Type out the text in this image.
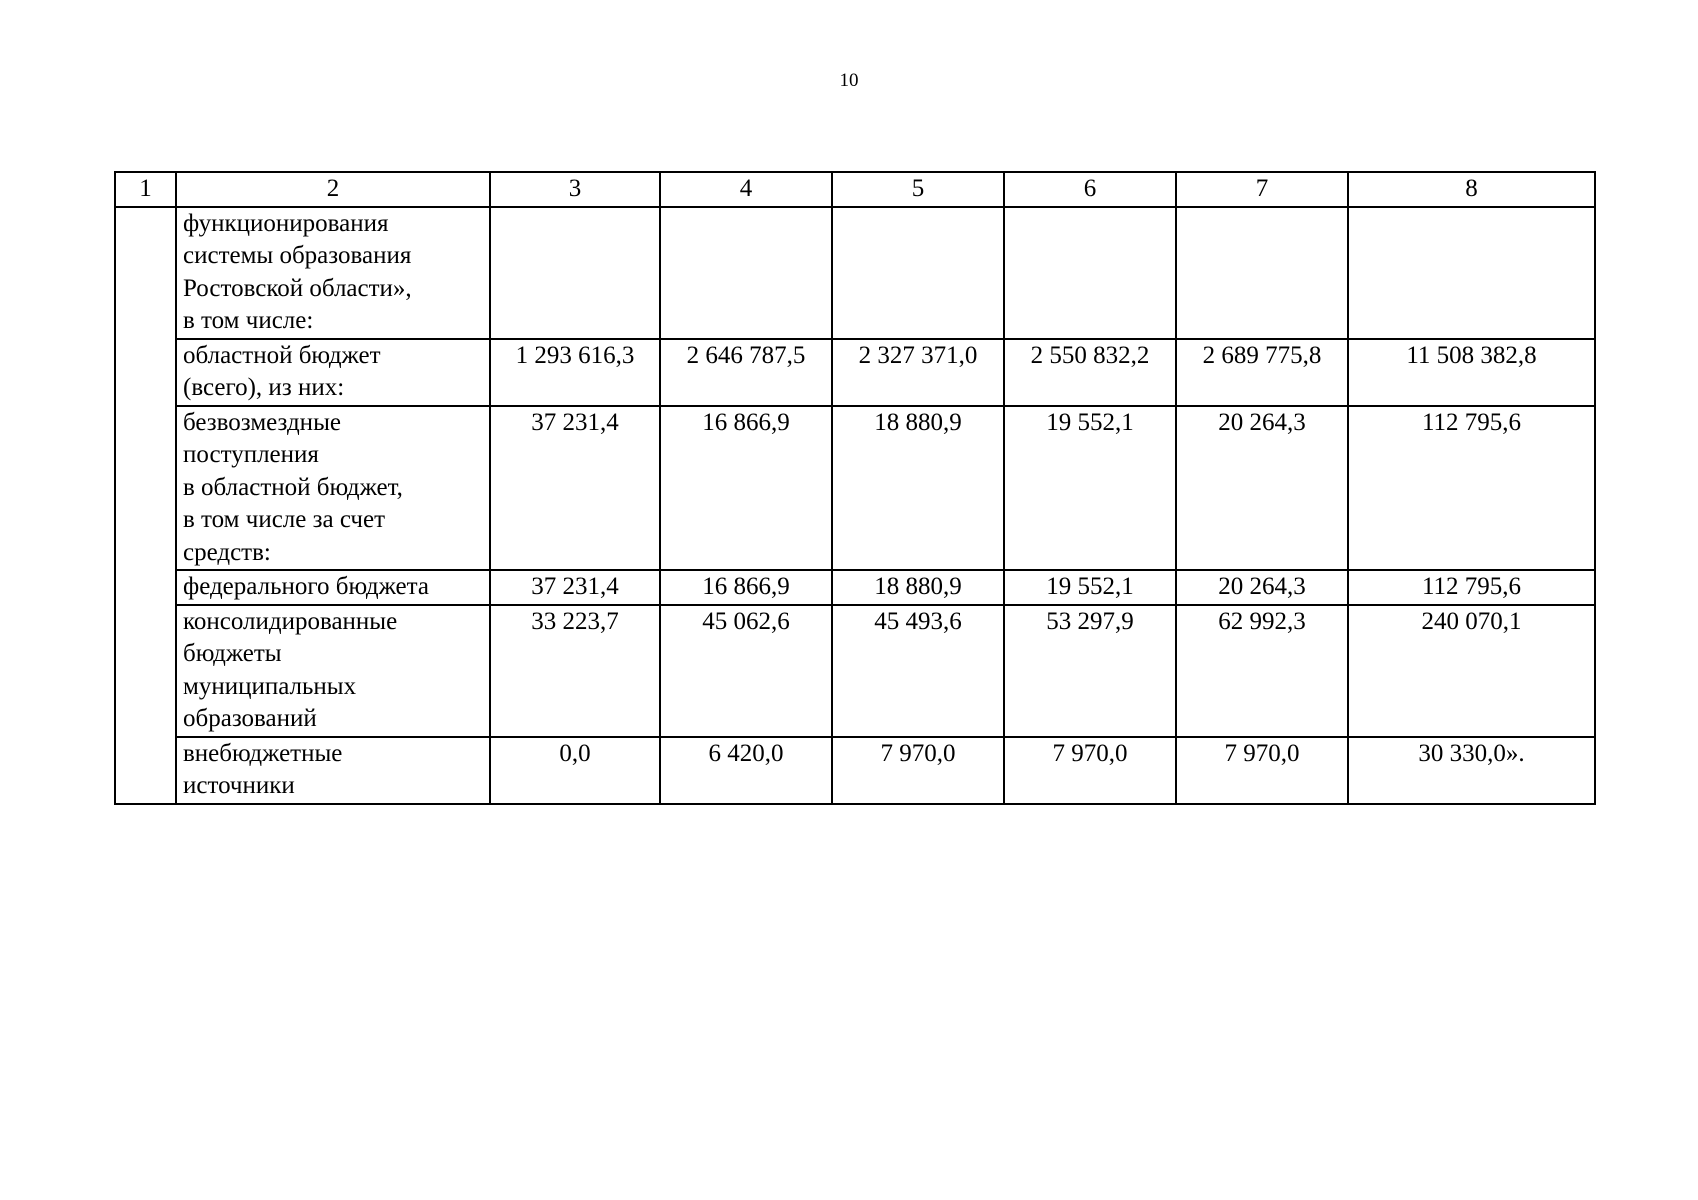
10
1	2	3	4	5	6	7	8

	функционирования
системы образования
Ростовской области»,
в том числе:						

	областной бюджет
(всего), из них:	1 293 616,3	2 646 787,5	2 327 371,0	2 550 832,2	2 689 775,8	11 508 382,8

	безвозмездные
поступления
в областной бюджет,
в том числе за счет
средств:	37 231,4	16 866,9	18 880,9	19 552,1	20 264,3	112 795,6

	федерального бюджета	37 231,4	16 866,9	18 880,9	19 552,1	20 264,3	112 795,6

	консолидированные
бюджеты
муниципальных
образований	33 223,7	45 062,6	45 493,6	53 297,9	62 992,3	240 070,1

	внебюджетные
источники	0,0	6 420,0	7 970,0	7 970,0	7 970,0	30 330,0».
